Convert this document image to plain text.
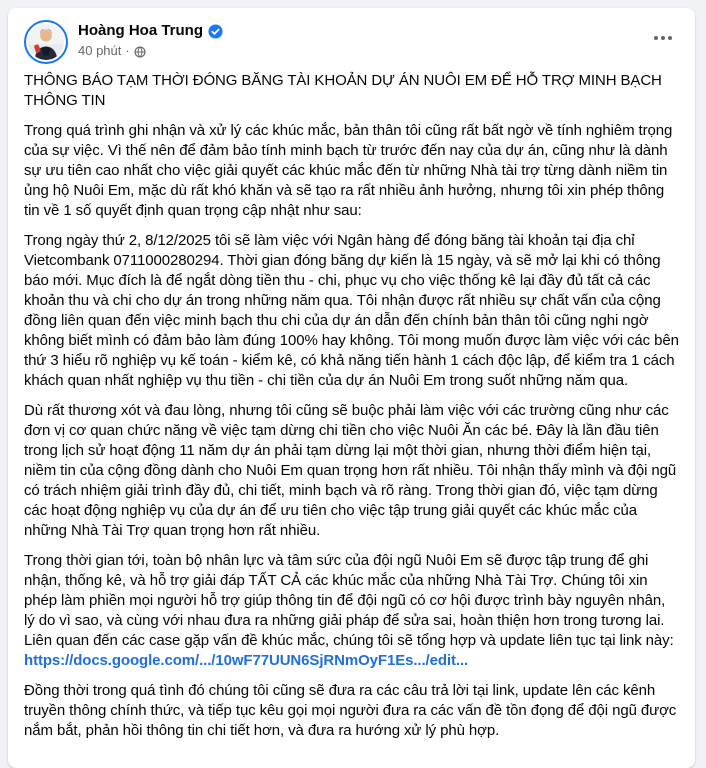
Hoàng Hoa Trung
40 phút ·
THÔNG BÁO TẠM THỜI ĐÓNG BĂNG TÀI KHOẢN DỰ ÁN NUÔI EM ĐỂ HỖ TRỢ MINH BẠCH THÔNG TIN
Trong quá trình ghi nhận và xử lý các khúc mắc, bản thân tôi cũng rất bất ngờ về tính nghiêm trọng của sự việc. Vì thế nên để đảm bảo tính minh bạch từ trước đến nay của dự án, cũng như là dành sự ưu tiên cao nhất cho việc giải quyết các khúc mắc đến từ những Nhà tài trợ từng dành niềm tin ủng hộ Nuôi Em, mặc dù rất khó khăn và sẽ tạo ra rất nhiều ảnh hưởng, nhưng tôi xin phép thông tin về 1 số quyết định quan trọng cập nhật như sau:
Trong ngày thứ 2, 8/12/2025 tôi sẽ làm việc với Ngân hàng để đóng băng tài khoản tại địa chỉ Vietcombank 0711000280294. Thời gian đóng băng dự kiến là 15 ngày, và sẽ mở lại khi có thông báo mới. Mục đích là để ngắt dòng tiền thu - chi, phục vụ cho việc thống kê lại đầy đủ tất cả các khoản thu và chi cho dự án trong những năm qua. Tôi nhận được rất nhiều sự chất vấn của cộng đồng liên quan đến việc minh bạch thu chi của dự án dẫn đến chính bản thân tôi cũng nghi ngờ không biết mình có đảm bảo làm đúng 100% hay không. Tôi mong muốn được làm việc với các bên thứ 3 hiểu rõ nghiệp vụ kế toán - kiểm kê, có khả năng tiến hành 1 cách độc lập, để kiểm tra 1 cách khách quan nhất nghiệp vụ thu tiền - chi tiền của dự án Nuôi Em trong suốt những năm qua.
Dù rất thương xót và đau lòng, nhưng tôi cũng sẽ buộc phải làm việc với các trường cũng như các đơn vị cơ quan chức năng về việc tạm dừng chi tiền cho việc Nuôi Ăn các bé. Đây là lần đầu tiên trong lịch sử hoạt động 11 năm dự án phải tạm dừng lại một thời gian, nhưng thời điểm hiện tại, niềm tin của cộng đồng dành cho Nuôi Em quan trọng hơn rất nhiều. Tôi nhận thấy mình và đội ngũ có trách nhiệm giải trình đầy đủ, chi tiết, minh bạch và rõ ràng. Trong thời gian đó, việc tạm dừng các hoạt động nghiệp vụ của dự án để ưu tiên cho việc tập trung giải quyết các khúc mắc của những Nhà Tài Trợ quan trọng hơn rất nhiều.
Trong thời gian tới, toàn bộ nhân lực và tâm sức của đội ngũ Nuôi Em sẽ được tập trung để ghi nhận, thống kê, và hỗ trợ giải đáp TẤT CẢ các khúc mắc của những Nhà Tài Trợ. Chúng tôi xin phép làm phiền mọi người hỗ trợ giúp thông tin để đội ngũ có cơ hội được trình bày nguyên nhân, lý do vì sao, và cùng với nhau đưa ra những giải pháp để sửa sai, hoàn thiện hơn trong tương lai.
Liên quan đến các case gặp vấn đề khúc mắc, chúng tôi sẽ tổng hợp và update liên tục tại link này:
https://docs.google.com/.../10wF77UUN6SjRNmOyF1Es.../edit...
Đồng thời trong quá tình đó chúng tôi cũng sẽ đưa ra các câu trả lời tại link, update lên các kênh truyền thông chính thức, và tiếp tục kêu gọi mọi người đưa ra các vấn đề tồn đọng để đội ngũ được nắm bắt, phản hồi thông tin chi tiết hơn, và đưa ra hướng xử lý phù hợp.
